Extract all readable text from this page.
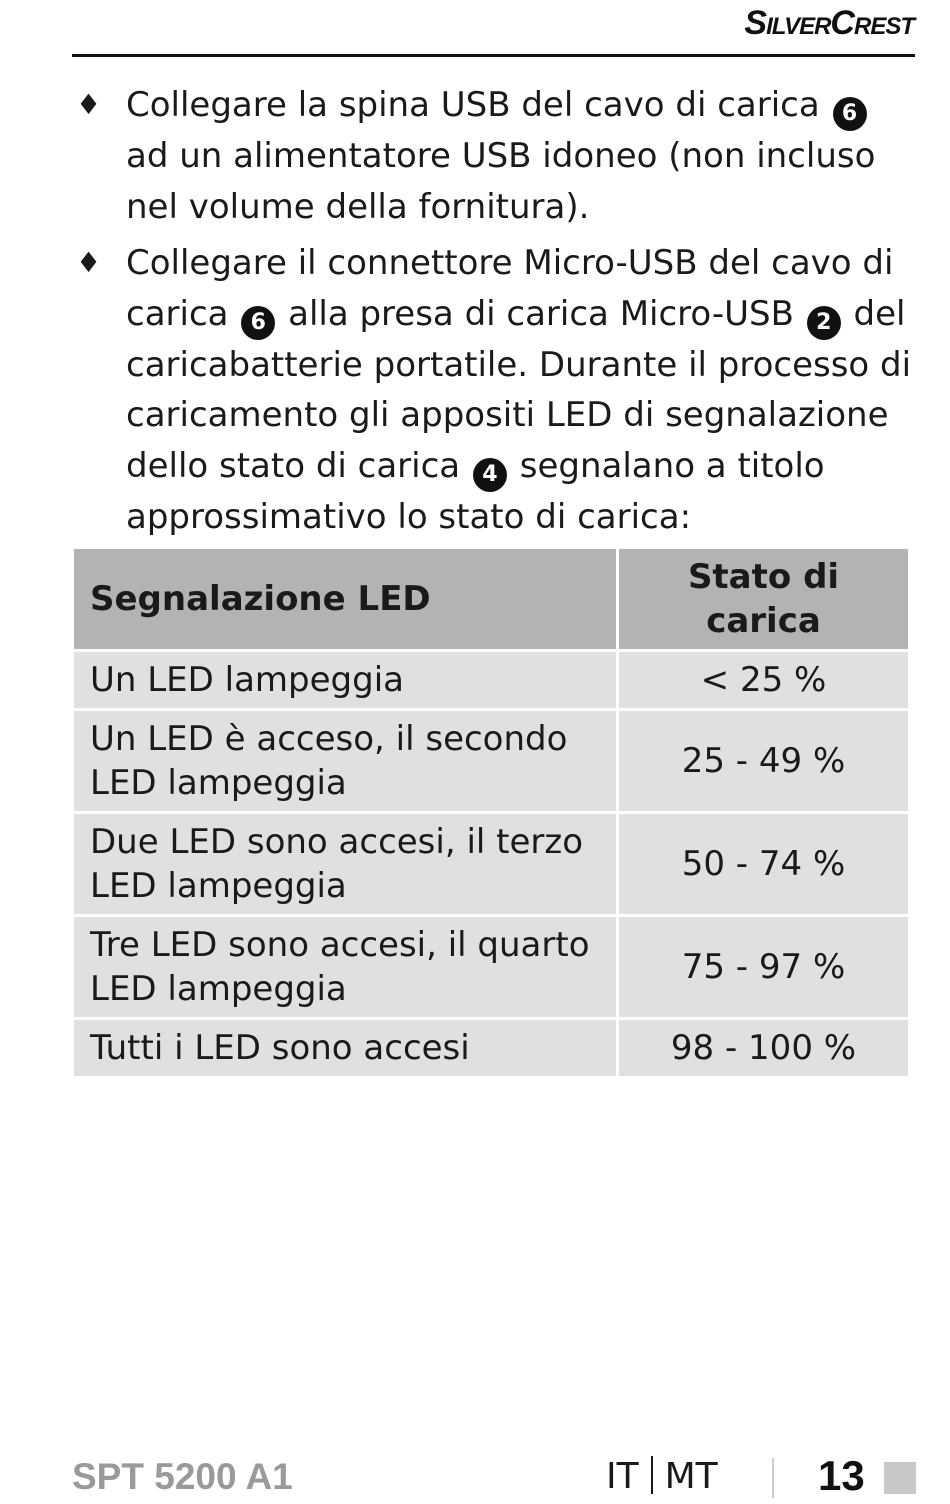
SilverCrest
♦ Collegare la spina USB del cavo di carica 6 ad un alimentatore USB idoneo (non incluso nel volume della fornitura).
♦ Collegare il connettore Micro-USB del cavo di carica 6 alla presa di carica Micro-USB 2 del caricabatterie portatile. Durante il processo di caricamento gli appositi LED di segnalazione dello stato di carica 4 segnalano a titolo approssimativo lo stato di carica:
Segnalazione LED	Stato di carica
Un LED lampeggia	< 25 %
Un LED è acceso, il secondo LED lampeggia	25 - 49 %
Due LED sono accesi, il terzo LED lampeggia	50 - 74 %
Tre LED sono accesi, il quarto LED lampeggia	75 - 97 %
Tutti i LED sono accesi	98 - 100 %
SPT 5200 A1	IT MT 13
